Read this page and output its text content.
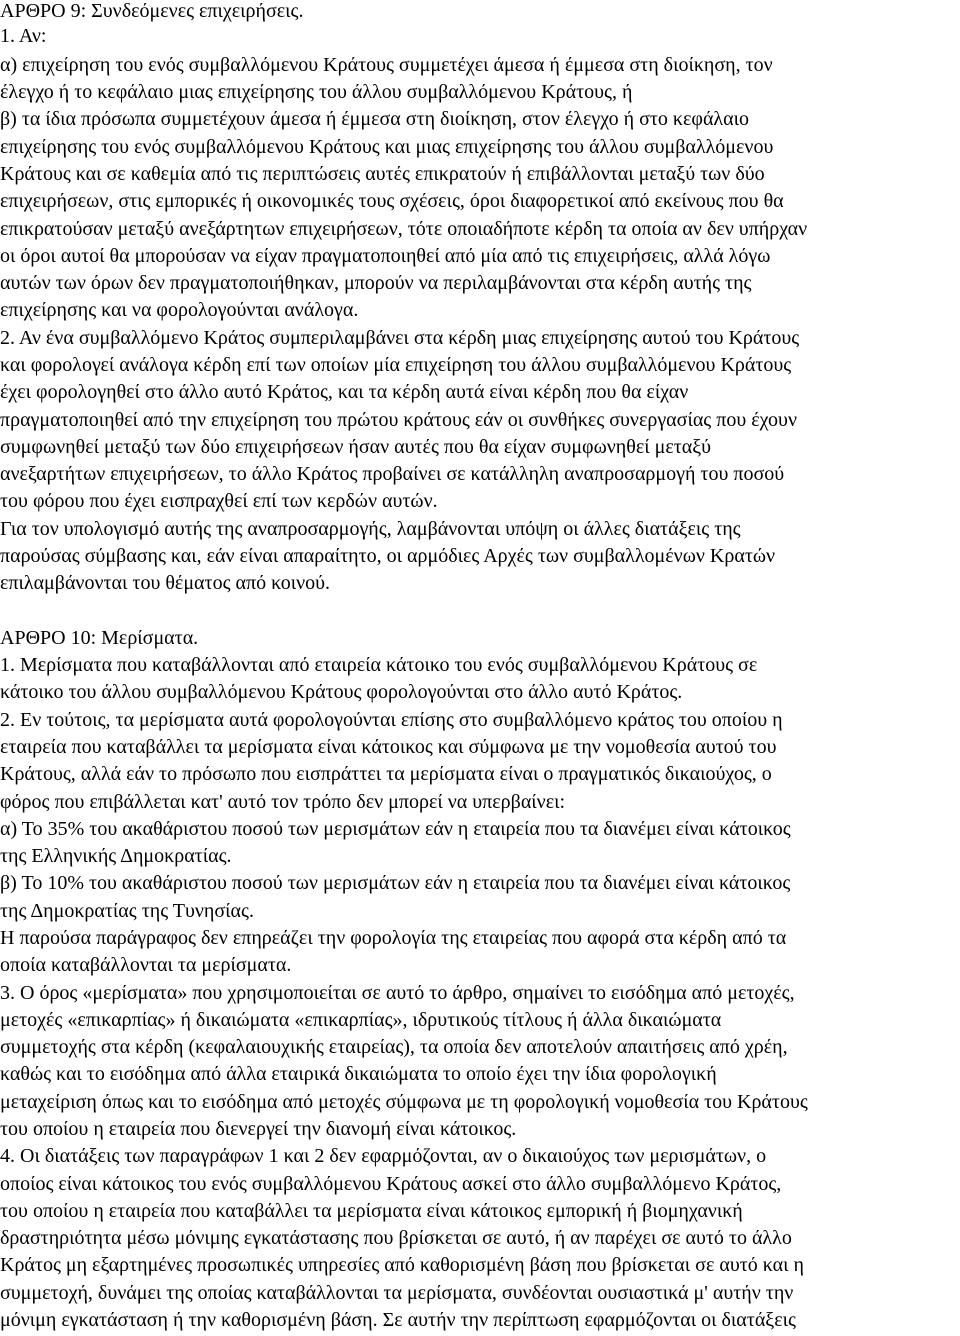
ΑΡΘΡΟ 9: Συνδεόμενες επιχειρήσεις.
1. Αν:
α) επιχείρηση του ενός συμβαλλόμενου Κράτους συμμετέχει άμεσα ή έμμεσα στη διοίκηση, τον
έλεγχο ή το κεφάλαιο μιας επιχείρησης του άλλου συμβαλλόμενου Κράτους, ή
β) τα ίδια πρόσωπα συμμετέχουν άμεσα ή έμμεσα στη διοίκηση, στον έλεγχο ή στο κεφάλαιο
επιχείρησης του ενός συμβαλλόμενου Κράτους και μιας επιχείρησης του άλλου συμβαλλόμενου
Κράτους και σε καθεμία από τις περιπτώσεις αυτές επικρατούν ή επιβάλλονται μεταξύ των δύο
επιχειρήσεων, στις εμπορικές ή οικονομικές τους σχέσεις, όροι διαφορετικοί από εκείνους που θα
επικρατούσαν μεταξύ ανεξάρτητων επιχειρήσεων, τότε οποιαδήποτε κέρδη τα οποία αν δεν υπήρχαν
οι όροι αυτοί θα μπορούσαν να είχαν πραγματοποιηθεί από μία από τις επιχειρήσεις, αλλά λόγω
αυτών των όρων δεν πραγματοποιήθηκαν, μπορούν να περιλαμβάνονται στα κέρδη αυτής της
επιχείρησης και να φορολογούνται ανάλογα.
2. Αν ένα συμβαλλόμενο Κράτος συμπεριλαμβάνει στα κέρδη μιας επιχείρησης αυτού του Κράτους
και φορολογεί ανάλογα κέρδη επί των οποίων μία επιχείρηση του άλλου συμβαλλόμενου Κράτους
έχει φορολογηθεί στο άλλο αυτό Κράτος, και τα κέρδη αυτά είναι κέρδη που θα είχαν
πραγματοποιηθεί από την επιχείρηση του πρώτου κράτους εάν οι συνθήκες συνεργασίας που έχουν
συμφωνηθεί μεταξύ των δύο επιχειρήσεων ήσαν αυτές που θα είχαν συμφωνηθεί μεταξύ
ανεξαρτήτων επιχειρήσεων, το άλλο Κράτος προβαίνει σε κατάλληλη αναπροσαρμογή του ποσού
του φόρου που έχει εισπραχθεί επί των κερδών αυτών.
Για τον υπολογισμό αυτής της αναπροσαρμογής, λαμβάνονται υπόψη οι άλλες διατάξεις της
παρούσας σύμβασης και, εάν είναι απαραίτητο, οι αρμόδιες Αρχές των συμβαλλομένων Κρατών
επιλαμβάνονται του θέματος από κοινού.
ΑΡΘΡΟ 10: Μερίσματα.
1. Μερίσματα που καταβάλλονται από εταιρεία κάτοικο του ενός συμβαλλόμενου Κράτους σε
κάτοικο του άλλου συμβαλλόμενου Κράτους φορολογούνται στο άλλο αυτό Κράτος.
2. Εν τούτοις, τα μερίσματα αυτά φορολογούνται επίσης στο συμβαλλόμενο κράτος του οποίου η
εταιρεία που καταβάλλει τα μερίσματα είναι κάτοικος και σύμφωνα με την νομοθεσία αυτού του
Κράτους, αλλά εάν το πρόσωπο που εισπράττει τα μερίσματα είναι ο πραγματικός δικαιούχος, ο
φόρος που επιβάλλεται κατ' αυτό τον τρόπο δεν μπορεί να υπερβαίνει:
α) Το 35% του ακαθάριστου ποσού των μερισμάτων εάν η εταιρεία που τα διανέμει είναι κάτοικος
της Ελληνικής Δημοκρατίας.
β) Το 10% του ακαθάριστου ποσού των μερισμάτων εάν η εταιρεία που τα διανέμει είναι κάτοικος
της Δημοκρατίας της Τυνησίας.
Η παρούσα παράγραφος δεν επηρεάζει την φορολογία της εταιρείας που αφορά στα κέρδη από τα
οποία καταβάλλονται τα μερίσματα.
3. Ο όρος «μερίσματα» που χρησιμοποιείται σε αυτό το άρθρο, σημαίνει το εισόδημα από μετοχές,
μετοχές «επικαρπίας» ή δικαιώματα «επικαρπίας», ιδρυτικούς τίτλους ή άλλα δικαιώματα
συμμετοχής στα κέρδη (κεφαλαιουχικής εταιρείας), τα οποία δεν αποτελούν απαιτήσεις από χρέη,
καθώς και το εισόδημα από άλλα εταιρικά δικαιώματα το οποίο έχει την ίδια φορολογική
μεταχείριση όπως και το εισόδημα από μετοχές σύμφωνα με τη φορολογική νομοθεσία του Κράτους
του οποίου η εταιρεία που διενεργεί την διανομή είναι κάτοικος.
4. Οι διατάξεις των παραγράφων 1 και 2 δεν εφαρμόζονται, αν ο δικαιούχος των μερισμάτων, ο
οποίος είναι κάτοικος του ενός συμβαλλόμενου Κράτους ασκεί στο άλλο συμβαλλόμενο Κράτος,
του οποίου η εταιρεία που καταβάλλει τα μερίσματα είναι κάτοικος εμπορική ή βιομηχανική
δραστηριότητα μέσω μόνιμης εγκατάστασης που βρίσκεται σε αυτό, ή αν παρέχει σε αυτό το άλλο
Κράτος μη εξαρτημένες προσωπικές υπηρεσίες από καθορισμένη βάση που βρίσκεται σε αυτό και η
συμμετοχή, δυνάμει της οποίας καταβάλλονται τα μερίσματα, συνδέονται ουσιαστικά μ' αυτήν την
μόνιμη εγκατάσταση ή την καθορισμένη βάση. Σε αυτήν την περίπτωση εφαρμόζονται οι διατάξεις
